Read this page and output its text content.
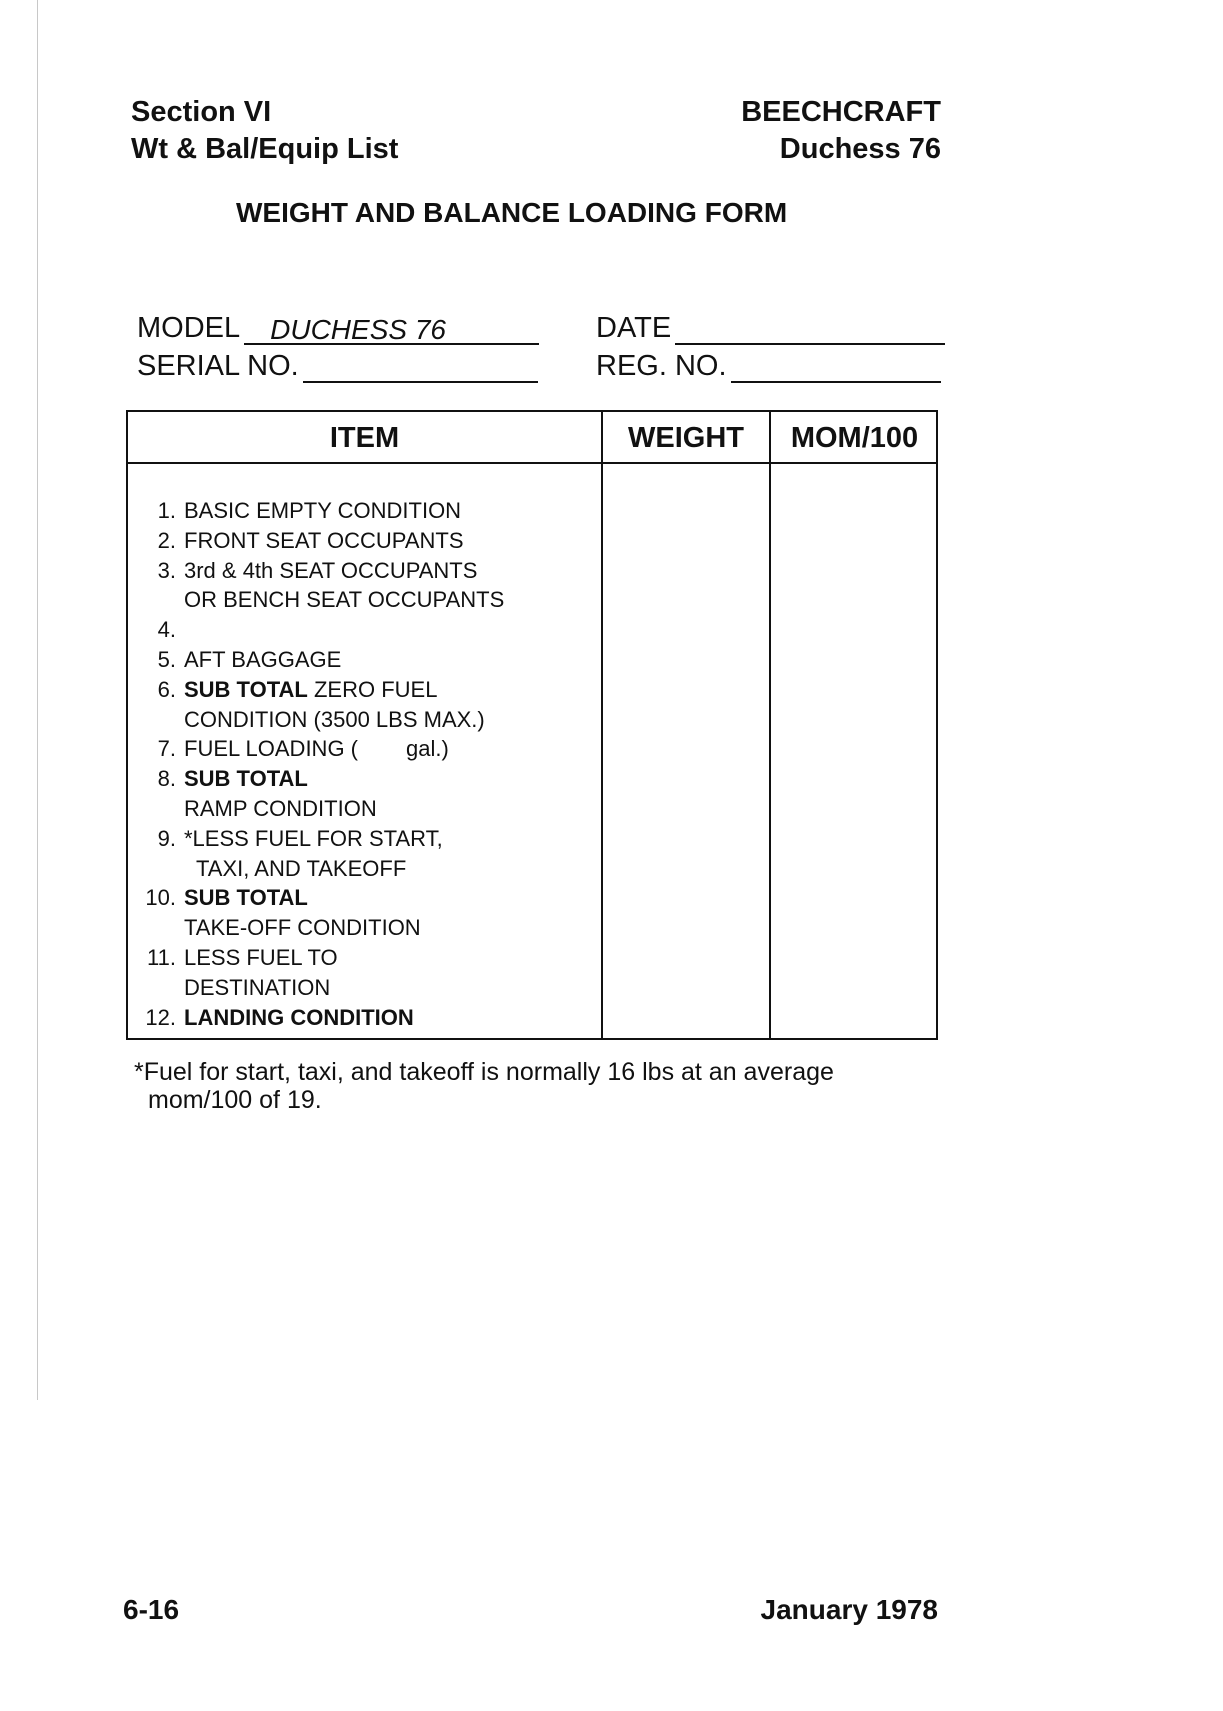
Section VI
Wt & Bal/Equip List
BEECHCRAFT
Duchess 76
WEIGHT AND BALANCE LOADING FORM
MODEL DUCHESS 76
SERIAL NO.
DATE
REG. NO.
ITEM	WEIGHT	MOM/100
1. BASIC EMPTY CONDITION
2. FRONT SEAT OCCUPANTS
3. 3rd & 4th SEAT OCCUPANTS
OR BENCH SEAT OCCUPANTS
4.
5. AFT BAGGAGE
6. SUB TOTAL ZERO FUEL
CONDITION (3500 LBS MAX.)
7. FUEL LOADING ( gal.)
8. SUB TOTAL
RAMP CONDITION
9. *LESS FUEL FOR START,
TAXI, AND TAKEOFF
10. SUB TOTAL
TAKE-OFF CONDITION
11. LESS FUEL TO
DESTINATION
12. LANDING CONDITION
*Fuel for start, taxi, and takeoff is normally 16 lbs at an average
mom/100 of 19.
6-16	January 1978
